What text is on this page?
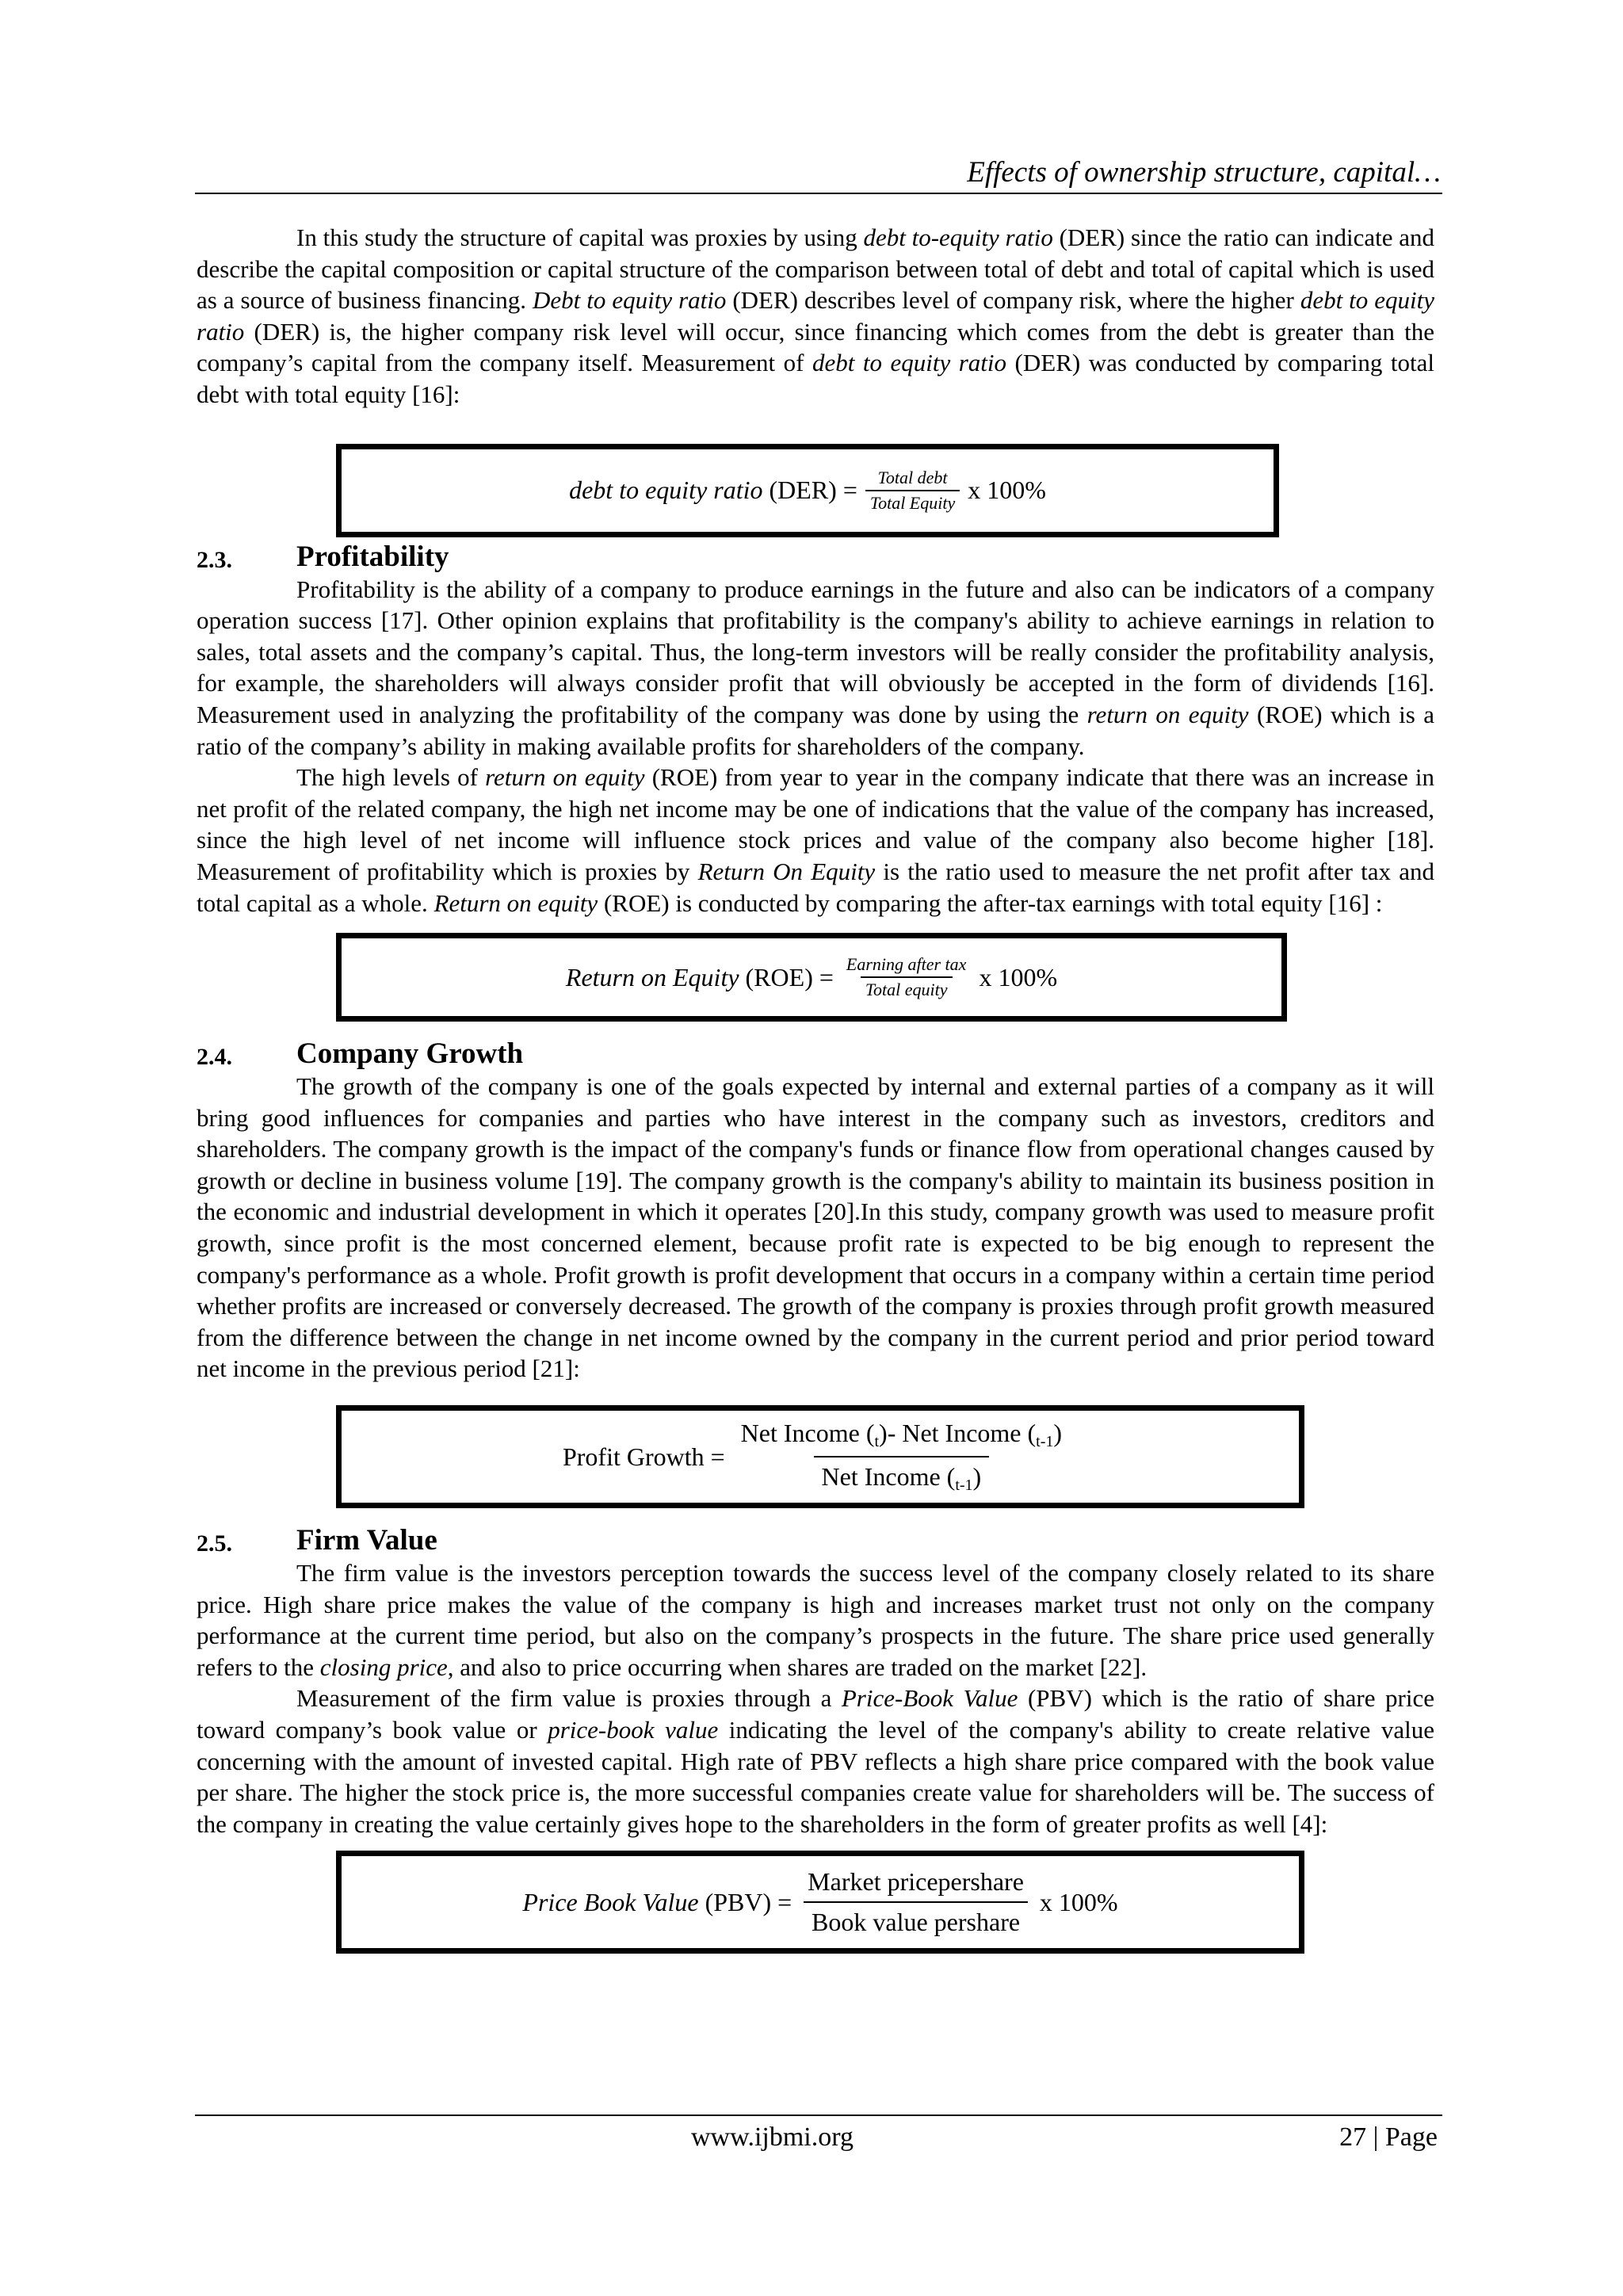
Effects of ownership structure, capital…

In this study the structure of capital was proxies by using debt to-equity ratio (DER) since the ratio can indicate and describe the capital composition or capital structure of the comparison between total of debt and total of capital which is used as a source of business financing. Debt to equity ratio (DER) describes level of company risk, where the higher debt to equity ratio (DER) is, the higher company risk level will occur, since financing which comes from the debt is greater than the company’s capital from the company itself. Measurement of debt to equity ratio (DER) was conducted by comparing total debt with total equity [16]:

debt to equity ratio $(DER) = \frac{\text{Total debt}}{\text{Total Equity}}$ x 100%
2.3. Profitability

Profitability is the ability of a company to produce earnings in the future and also can be indicators of a company operation success [17]. Other opinion explains that profitability is the company's ability to achieve earnings in relation to sales, total assets and the company’s capital. Thus, the long-term investors will be really consider the profitability analysis, for example, the shareholders will always consider profit that will obviously be accepted in the form of dividends [16]. Measurement used in analyzing the profitability of the company was done by using the return on equity (ROE) which is a ratio of the company’s ability in making available profits for shareholders of the company.

The high levels of return on equity (ROE) from year to year in the company indicate that there was an increase in net profit of the related company, the high net income may be one of indications that the value of the company has increased, since the high level of net income will influence stock prices and value of the company also become higher [18]. Measurement of profitability which is proxies by Return On Equity is the ratio used to measure the net profit after tax and total capital as a whole. Return on equity (ROE) is conducted by comparing the after-tax earnings with total equity [16] :

Return on Equity $(ROE) = \frac{\text{Earning after tax}}{\text{Total equity}}$ x 100%
2.4. Company Growth

The growth of the company is one of the goals expected by internal and external parties of a company as it will bring good influences for companies and parties who have interest in the company such as investors, creditors and shareholders. The company growth is the impact of the company's funds or finance flow from operational changes caused by growth or decline in business volume [19]. The company growth is the company's ability to maintain its business position in the economic and industrial development in which it operates [20].In this study, company growth was used to measure profit growth, since profit is the most concerned element, because profit rate is expected to be big enough to represent the company's performance as a whole. Profit growth is profit development that occurs in a company within a certain time period whether profits are increased or conversely decreased. The growth of the company is proxies through profit growth measured from the difference between the change in net income owned by the company in the current period and prior period toward net income in the previous period [21]:

Profit Growth = $\frac{Net Income (_t)- Net Income (_{t-1})}{Net Income (_{t-1})}$
2.5. Firm Value

The firm value is the investors perception towards the success level of the company closely related to its share price. High share price makes the value of the company is high and increases market trust not only on the company performance at the current time period, but also on the company’s prospects in the future. The share price used generally refers to the closing price, and also to price occurring when shares are traded on the market [22].

Measurement of the firm value is proxies through a Price-Book Value (PBV) which is the ratio of share price toward company’s book value or price-book value indicating the level of the company's ability to create relative value concerning with the amount of invested capital. High rate of PBV reflects a high share price compared with the book value per share. The higher the stock price is, the more successful companies create value for shareholders will be. The success of the company in creating the value certainly gives hope to the shareholders in the form of greater profits as well [4]:

Price Book Value $(PBV) = \frac{\text{Market pricepershare}}{\text{Book value pershare}}$ x 100%
www.ijbmi.org	27 | Page
